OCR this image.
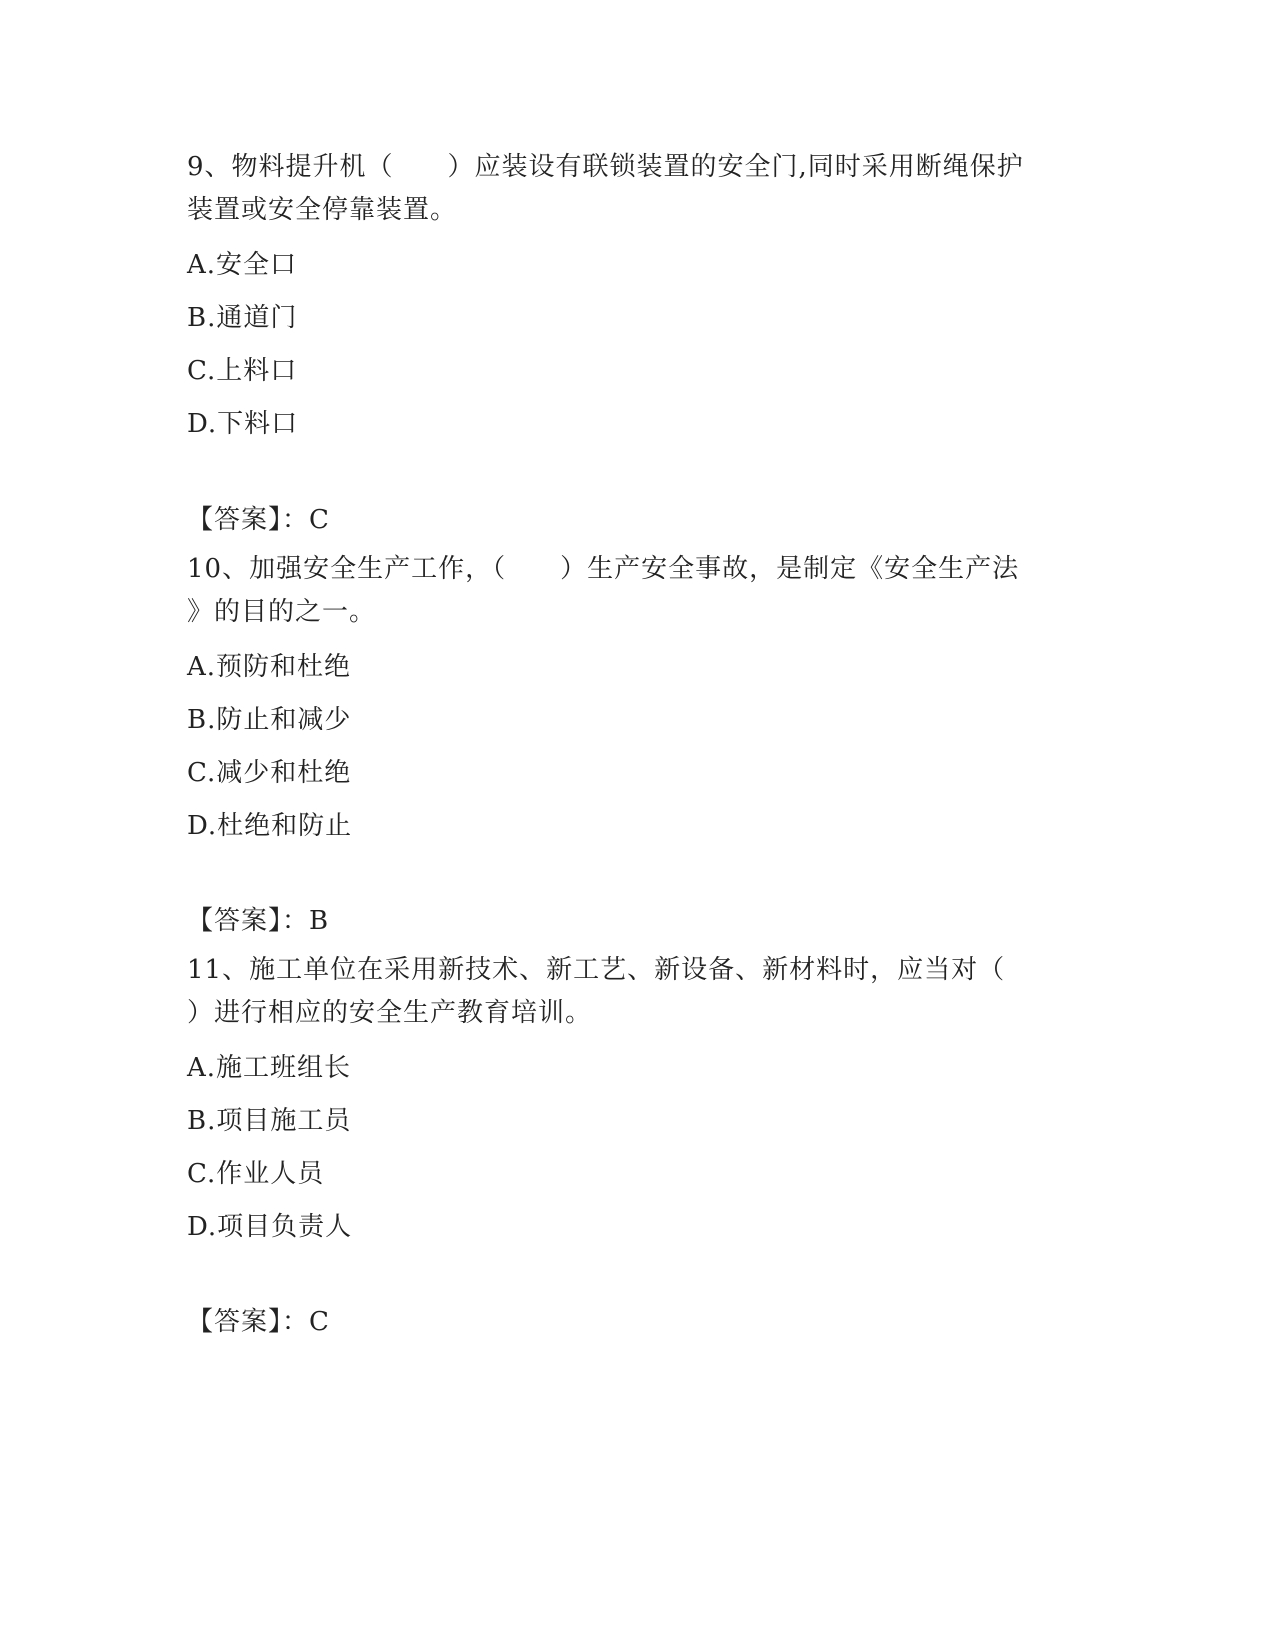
9、物料提升机（　　）应装设有联锁装置的安全门,同时采用断绳保护

装置或安全停靠装置。

A.安全口

B.通道门

C.上料口

D.下料口

【答案】：C

10、加强安全生产工作，（　　）生产安全事故，是制定《安全生产法

》的目的之一。

A.预防和杜绝

B.防止和减少

C.减少和杜绝

D.杜绝和防止

【答案】：B

11、施工单位在采用新技术、新工艺、新设备、新材料时，应当对（

）进行相应的安全生产教育培训。

A.施工班组长

B.项目施工员

C.作业人员

D.项目负责人

【答案】：C
